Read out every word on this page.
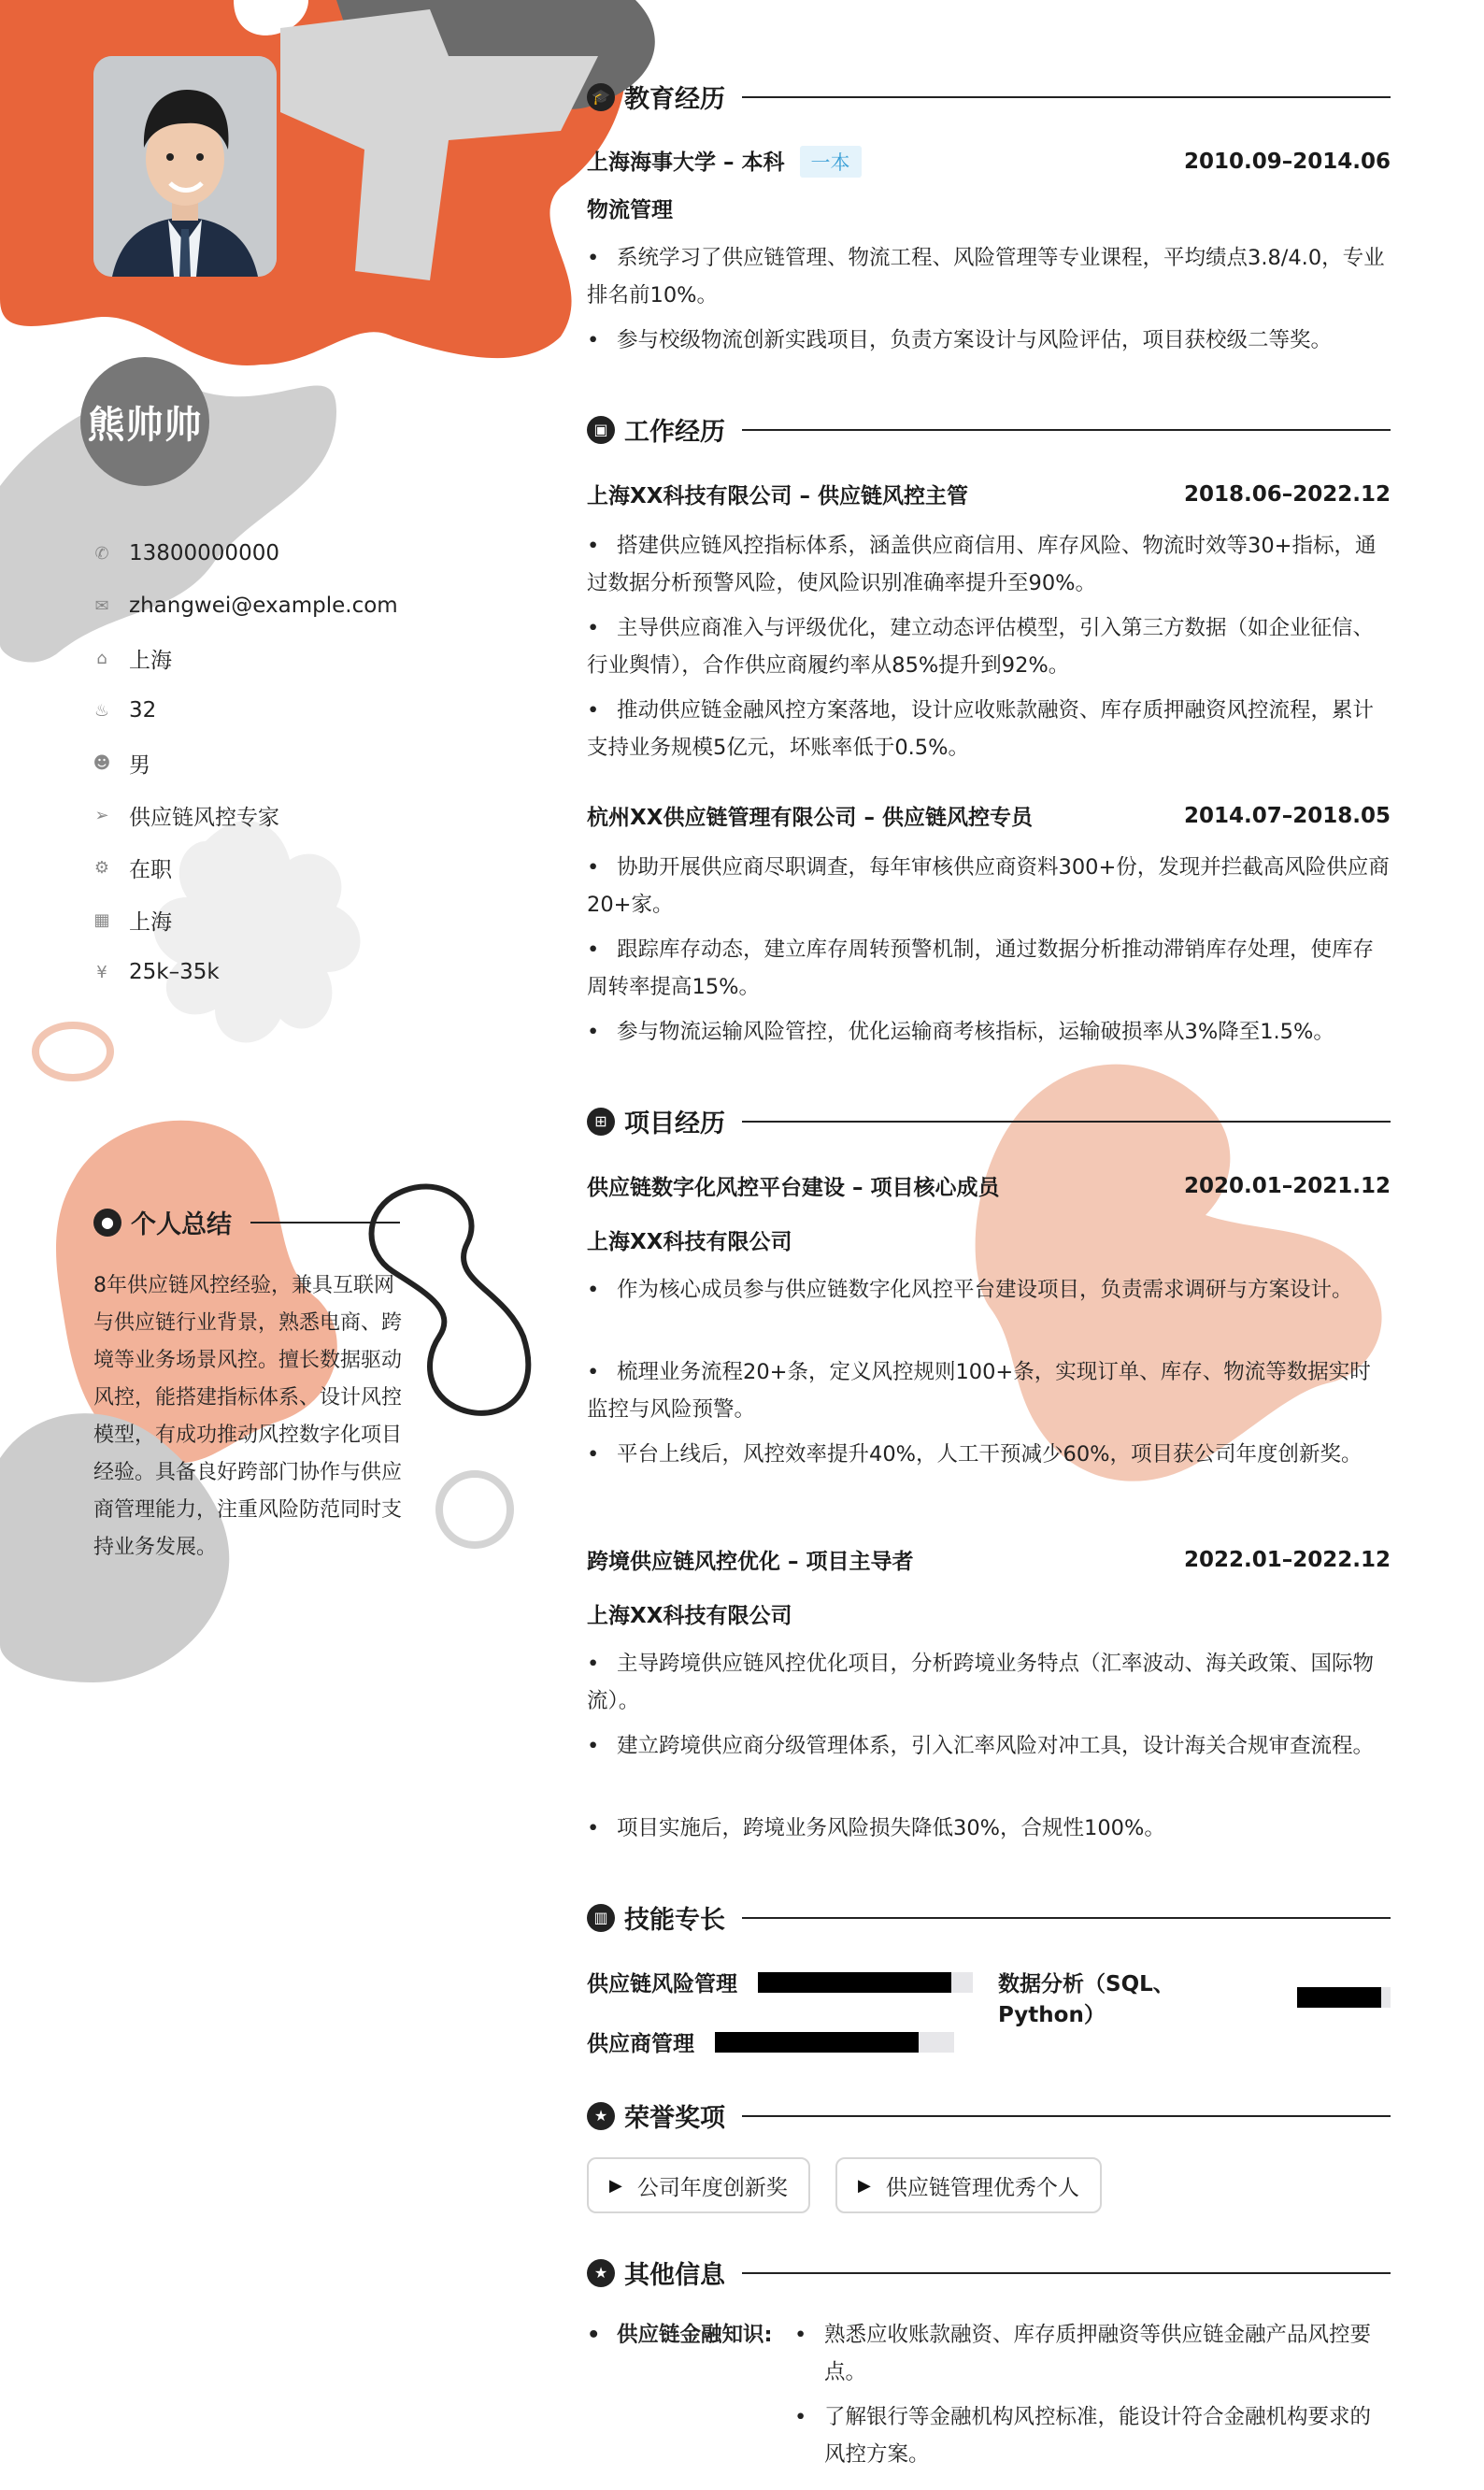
熊帅帅
✆ 13800000000
✉ zhangwei@example.com
⌂ 上海
♨ 32
☻ 男
➢ 供应链风控专家
⚙ 在职
▦ 上海
¥ 25k–35k
● 个人总结
8年供应链风控经验，兼具互联网与供应链行业背景，熟悉电商、跨境等业务场景风控。擅长数据驱动风控，能搭建指标体系、设计风控模型，有成功推动风控数字化项目经验。具备良好跨部门协作与供应商管理能力，注重风险防范同时支持业务发展。
🎓 教育经历
上海海事大学 – 本科 一本	2010.09–2014.06
物流管理
• 系统学习了供应链管理、物流工程、风险管理等专业课程，平均绩点3.8/4.0，专业排名前10%。
• 参与校级物流创新实践项目，负责方案设计与风险评估，项目获校级二等奖。
▣ 工作经历
上海XX科技有限公司 – 供应链风控主管	2018.06–2022.12
• 搭建供应链风控指标体系，涵盖供应商信用、库存风险、物流时效等30+指标，通过数据分析预警风险，使风险识别准确率提升至90%。
• 主导供应商准入与评级优化，建立动态评估模型，引入第三方数据（如企业征信、行业舆情），合作供应商履约率从85%提升到92%。
• 推动供应链金融风控方案落地，设计应收账款融资、库存质押融资风控流程，累计支持业务规模5亿元，坏账率低于0.5%。
杭州XX供应链管理有限公司 – 供应链风控专员	2014.07–2018.05
• 协助开展供应商尽职调查，每年审核供应商资料300+份，发现并拦截高风险供应商20+家。
• 跟踪库存动态，建立库存周转预警机制，通过数据分析推动滞销库存处理，使库存周转率提高15%。
• 参与物流运输风险管控，优化运输商考核指标，运输破损率从3%降至1.5%。
⊞ 项目经历
供应链数字化风控平台建设 – 项目核心成员	2020.01–2021.12
上海XX科技有限公司
• 作为核心成员参与供应链数字化风控平台建设项目，负责需求调研与方案设计。
• 梳理业务流程20+条，定义风控规则100+条，实现订单、库存、物流等数据实时监控与风险预警。
• 平台上线后，风控效率提升40%，人工干预减少60%，项目获公司年度创新奖。
跨境供应链风控优化 – 项目主导者	2022.01–2022.12
上海XX科技有限公司
• 主导跨境供应链风控优化项目，分析跨境业务特点（汇率波动、海关政策、国际物流）。
• 建立跨境供应商分级管理体系，引入汇率风险对冲工具，设计海关合规审查流程。
• 项目实施后，跨境业务风险损失降低30%，合规性100%。
▥ 技能专长
供应链风险管理	数据分析（SQL、Python）
供应商管理
★ 荣誉奖项
▶ 公司年度创新奖	▶ 供应链管理优秀个人
★ 其他信息
• 供应链金融知识:	• 熟悉应收账款融资、库存质押融资等供应链金融产品风控要点。
• 了解银行等金融机构风控标准，能设计符合金融机构要求的风控方案。
